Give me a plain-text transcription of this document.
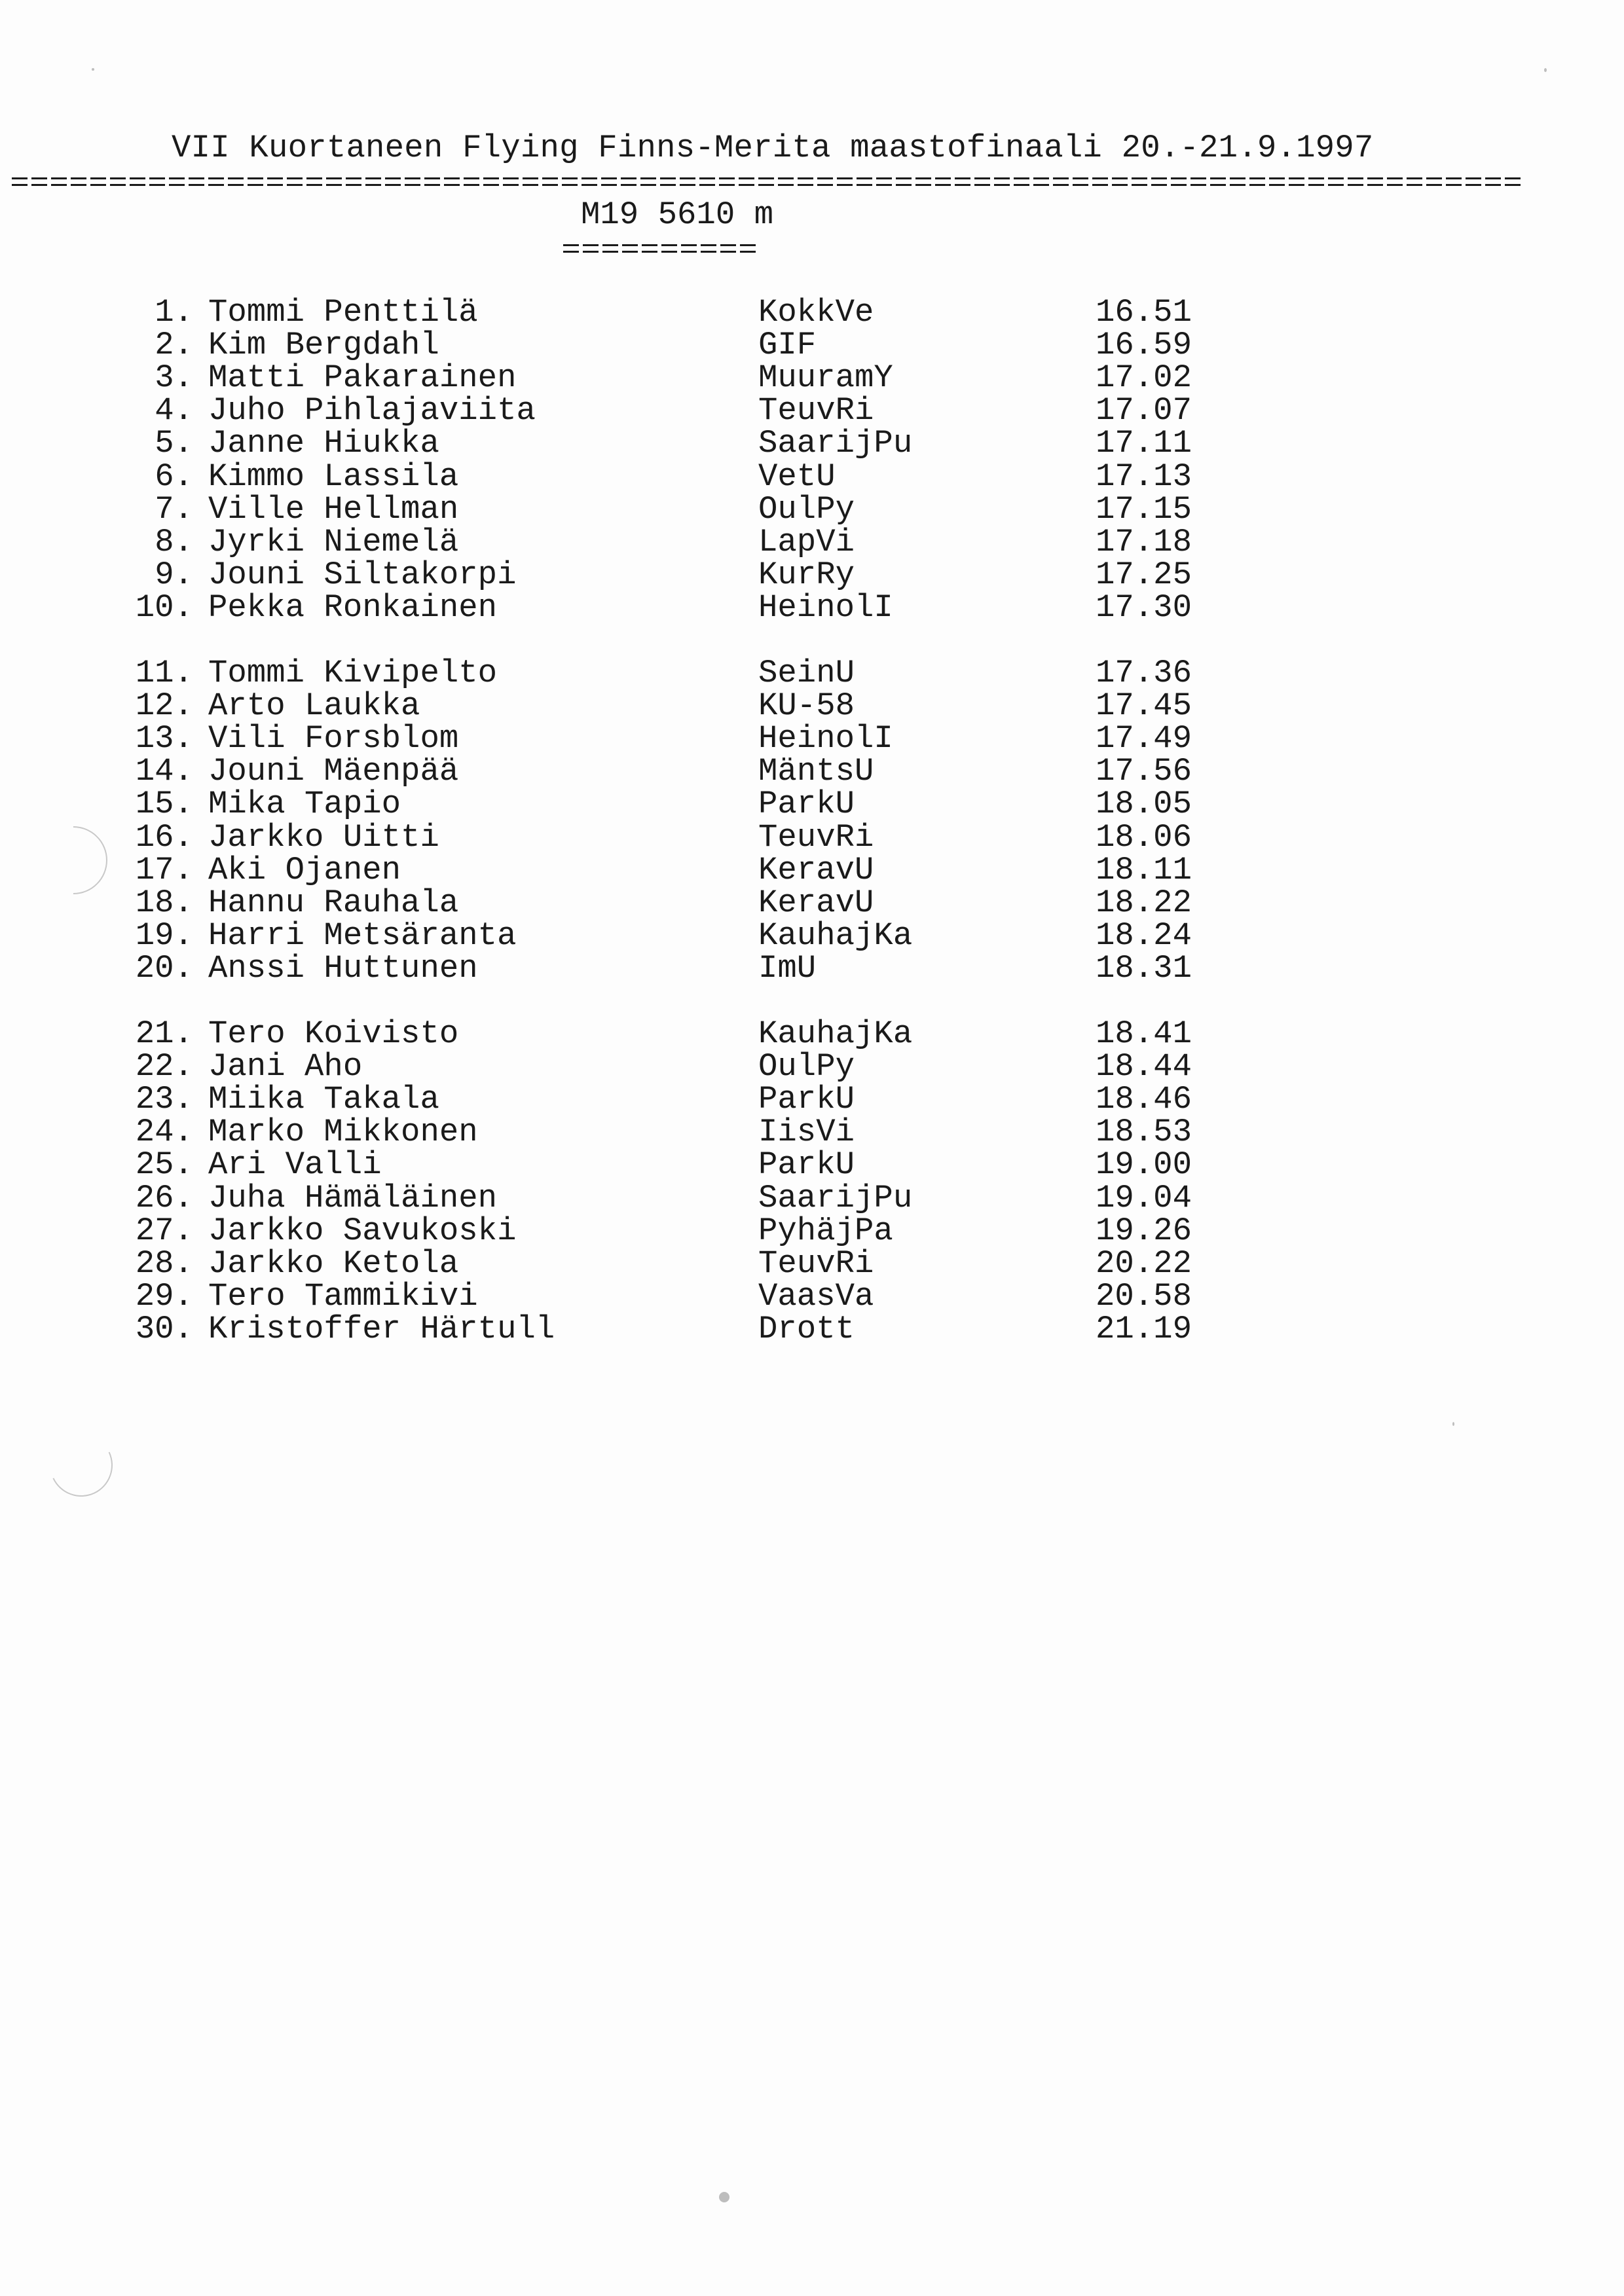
VII Kuortaneen Flying Finns-Merita maastofinaali 20.-21.9.1997
M19 5610 m
1. Tommi Penttilä	KokkVe	16.51
2. Kim Bergdahl	GIF	16.59
3. Matti Pakarainen	MuuramY	17.02
4. Juho Pihlajaviita	TeuvRi	17.07
5. Janne Hiukka	SaarijPu	17.11
6. Kimmo Lassila	VetU	17.13
7. Ville Hellman	OulPy	17.15
8. Jyrki Niemelä	LapVi	17.18
9. Jouni Siltakorpi	KurRy	17.25
10. Pekka Ronkainen	HeinolI	17.30
11. Tommi Kivipelto	SeinU	17.36
12. Arto Laukka	KU-58	17.45
13. Vili Forsblom	HeinolI	17.49
14. Jouni Mäenpää	MäntsU	17.56
15. Mika Tapio	ParkU	18.05
16. Jarkko Uitti	TeuvRi	18.06
17. Aki Ojanen	KeravU	18.11
18. Hannu Rauhala	KeravU	18.22
19. Harri Metsäranta	KauhajKa	18.24
20. Anssi Huttunen	ImU	18.31
21. Tero Koivisto	KauhajKa	18.41
22. Jani Aho	OulPy	18.44
23. Miika Takala	ParkU	18.46
24. Marko Mikkonen	IisVi	18.53
25. Ari Valli	ParkU	19.00
26. Juha Hämäläinen	SaarijPu	19.04
27. Jarkko Savukoski	PyhäjPa	19.26
28. Jarkko Ketola	TeuvRi	20.22
29. Tero Tammikivi	VaasVa	20.58
30. Kristoffer Härtull	Drott	21.19
